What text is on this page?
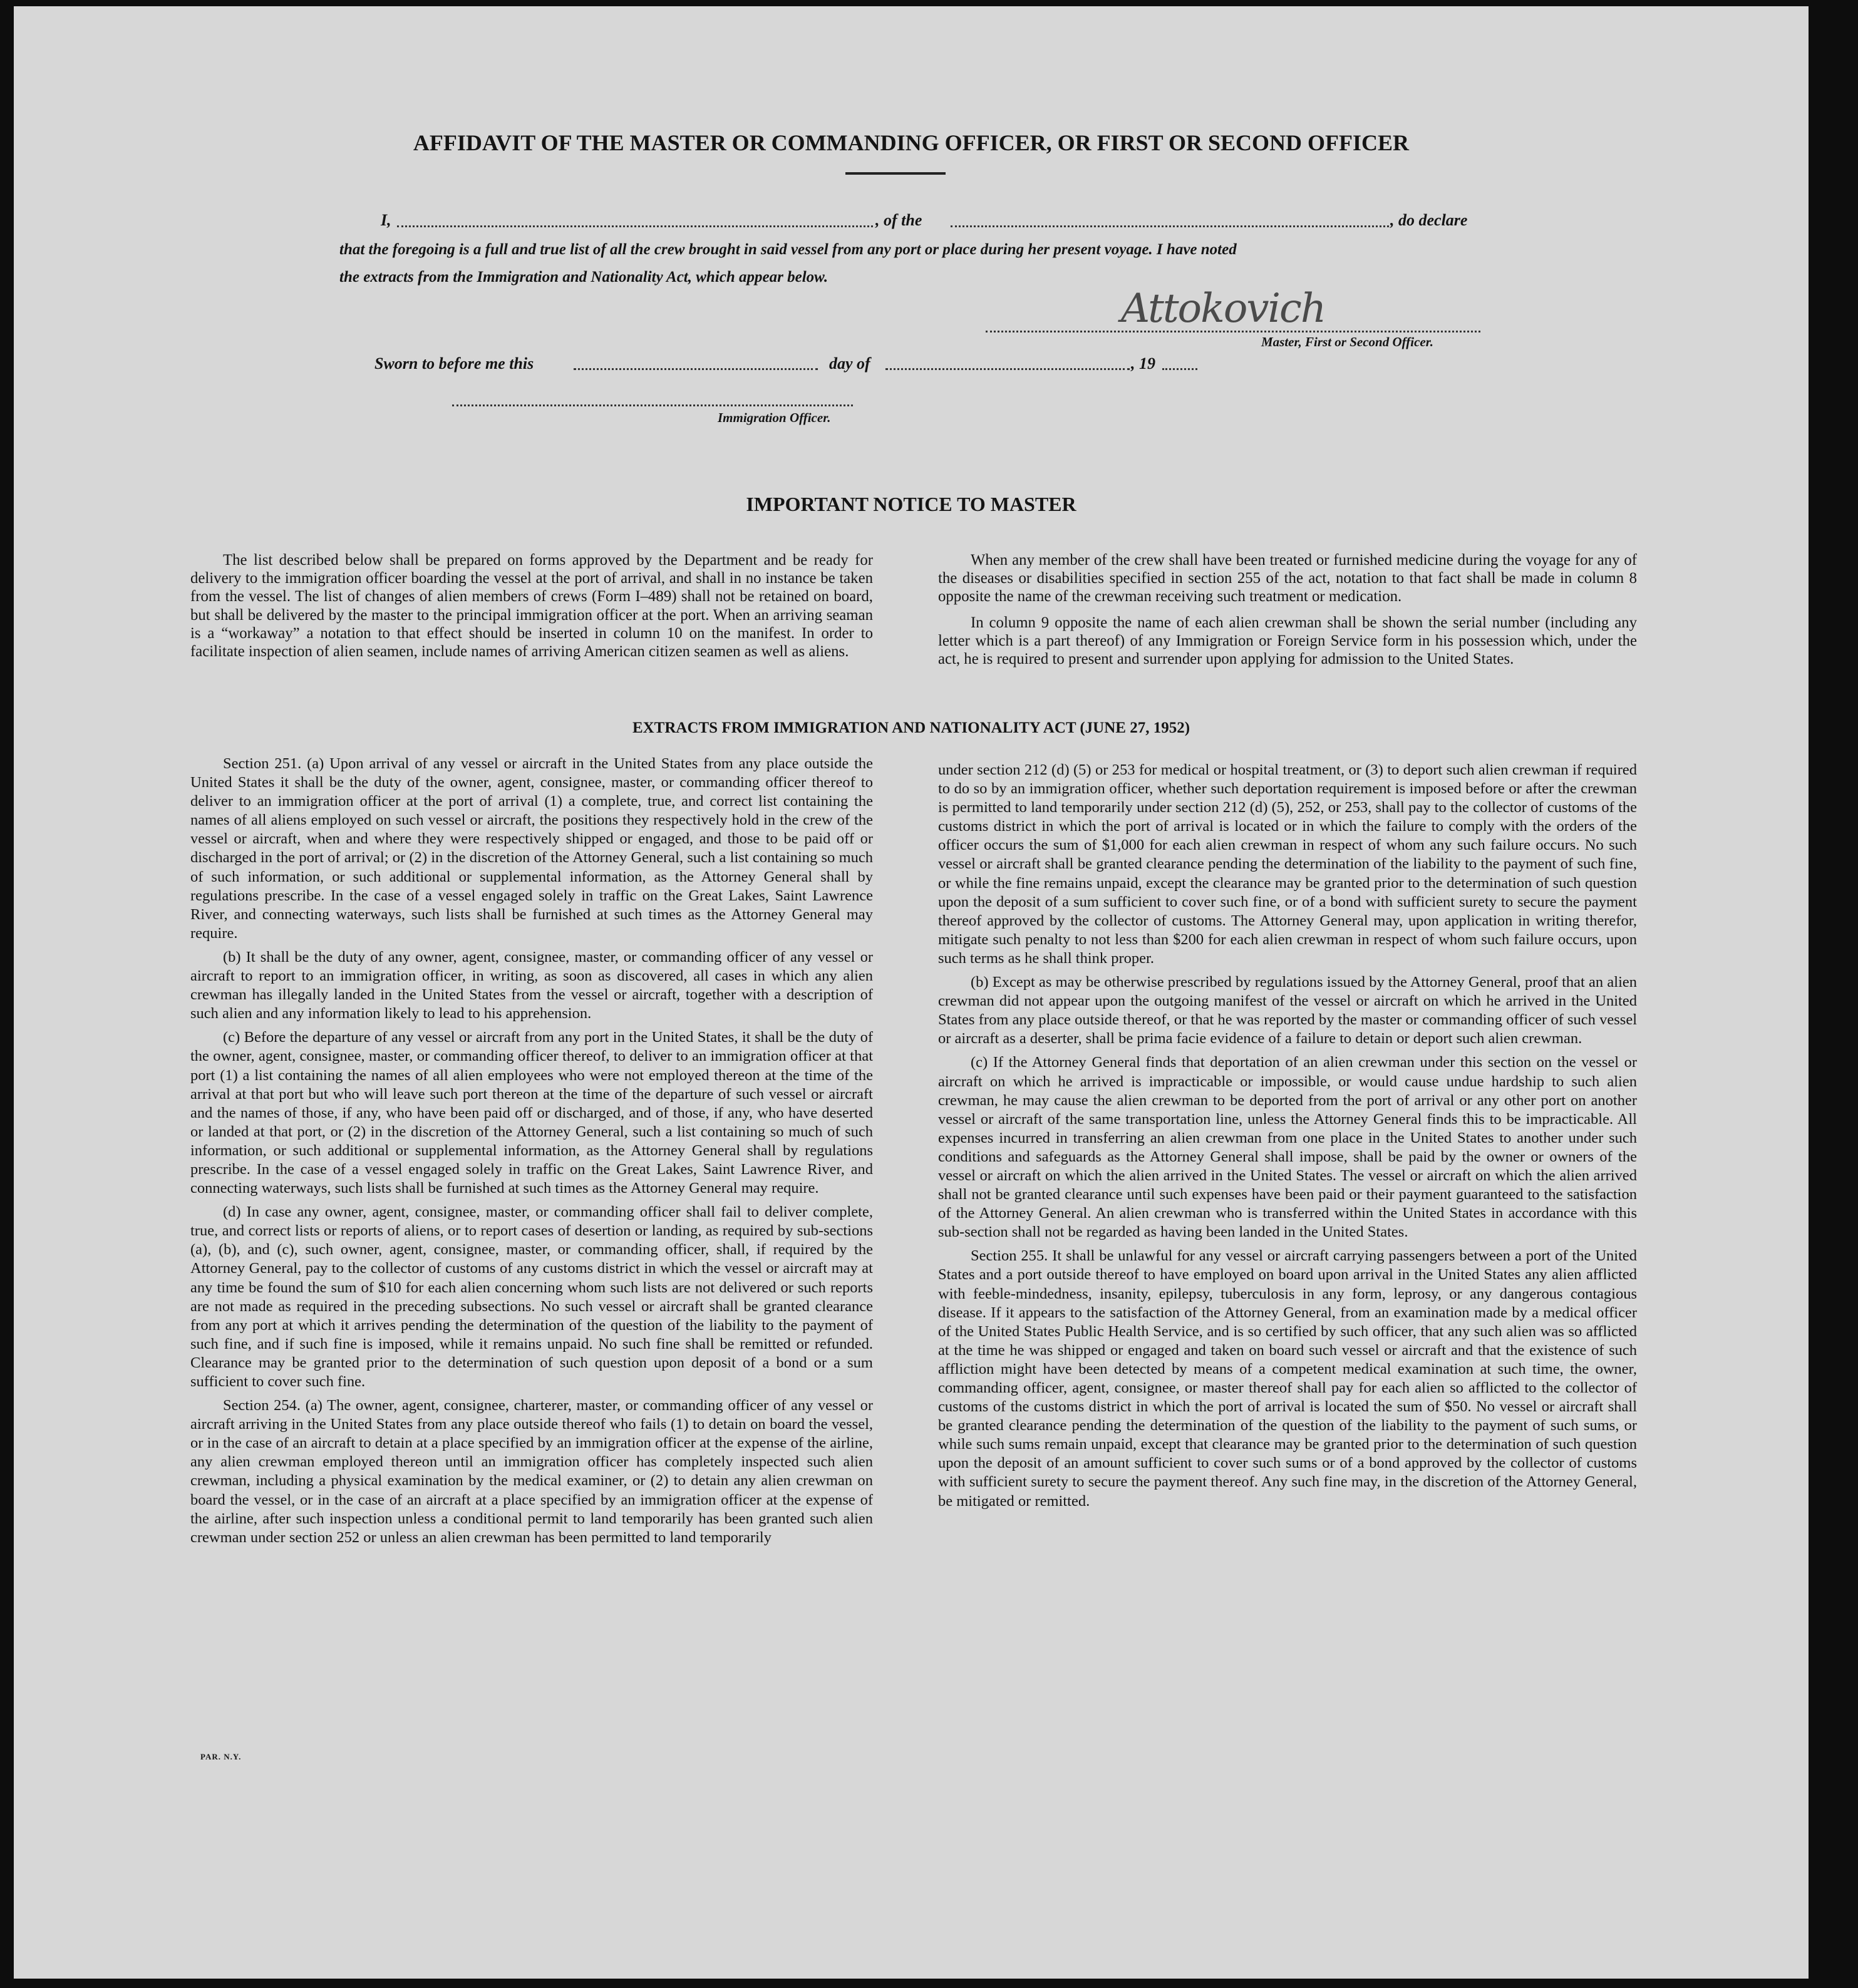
AFFIDAVIT OF THE MASTER OR COMMANDING OFFICER, OR FIRST OR SECOND OFFICER
I,	, of the	, do declare
that the foregoing is a full and true list of all the crew brought in said vessel from any port or place during her present voyage. I have noted
the extracts from the Immigration and Nationality Act, which appear below.
Attokovich
Master, First or Second Officer.
Sworn to before me this	day of	, 19
Immigration Officer.
IMPORTANT NOTICE TO MASTER

The list described below shall be prepared on forms approved by the Department and be ready for delivery to the immigration officer boarding the vessel at the port of arrival, and shall in no instance be taken from the vessel. The list of changes of alien members of crews (Form I–489) shall not be retained on board, but shall be delivered by the master to the principal immigration officer at the port. When an arriving seaman is a “workaway” a notation to that effect should be inserted in column 10 on the manifest. In order to facilitate inspection of alien seamen, include names of arriving American citizen seamen as well as aliens.

When any member of the crew shall have been treated or furnished medicine during the voyage for any of the diseases or disabilities specified in section 255 of the act, notation to that fact shall be made in column 8 opposite the name of the crewman receiving such treatment or medication.

In column 9 opposite the name of each alien crewman shall be shown the serial number (including any letter which is a part thereof) of any Immigration or Foreign Service form in his possession which, under the act, he is required to present and surrender upon applying for admission to the United States.

EXTRACTS FROM IMMIGRATION AND NATIONALITY ACT (JUNE 27, 1952)

Section 251. (a) Upon arrival of any vessel or aircraft in the United States from any place outside the United States it shall be the duty of the owner, agent, consignee, master, or commanding officer thereof to deliver to an immigration officer at the port of arrival (1) a complete, true, and correct list containing the names of all aliens employed on such vessel or aircraft, the positions they respectively hold in the crew of the vessel or aircraft, when and where they were respectively shipped or engaged, and those to be paid off or discharged in the port of arrival; or (2) in the discretion of the Attorney General, such a list containing so much of such information, or such additional or supplemental information, as the Attorney General shall by regulations prescribe. In the case of a vessel engaged solely in traffic on the Great Lakes, Saint Lawrence River, and connecting waterways, such lists shall be furnished at such times as the Attorney General may require.

(b) It shall be the duty of any owner, agent, consignee, master, or commanding officer of any vessel or aircraft to report to an immigration officer, in writing, as soon as discovered, all cases in which any alien crewman has illegally landed in the United States from the vessel or aircraft, together with a description of such alien and any information likely to lead to his apprehension.

(c) Before the departure of any vessel or aircraft from any port in the United States, it shall be the duty of the owner, agent, consignee, master, or commanding officer thereof, to deliver to an immigration officer at that port (1) a list containing the names of all alien employees who were not employed thereon at the time of the arrival at that port but who will leave such port thereon at the time of the departure of such vessel or aircraft and the names of those, if any, who have been paid off or discharged, and of those, if any, who have deserted or landed at that port, or (2) in the discretion of the Attorney General, such a list containing so much of such information, or such additional or supplemental information, as the Attorney General shall by regulations prescribe. In the case of a vessel engaged solely in traffic on the Great Lakes, Saint Lawrence River, and connecting waterways, such lists shall be furnished at such times as the Attorney General may require.

(d) In case any owner, agent, consignee, master, or commanding officer shall fail to deliver complete, true, and correct lists or reports of aliens, or to report cases of desertion or landing, as required by sub-sections (a), (b), and (c), such owner, agent, consignee, master, or commanding officer, shall, if required by the Attorney General, pay to the collector of customs of any customs district in which the vessel or aircraft may at any time be found the sum of $10 for each alien concerning whom such lists are not delivered or such reports are not made as required in the preceding subsections. No such vessel or aircraft shall be granted clearance from any port at which it arrives pending the determination of the question of the liability to the payment of such fine, and if such fine is imposed, while it remains unpaid. No such fine shall be remitted or refunded. Clearance may be granted prior to the determination of such question upon deposit of a bond or a sum sufficient to cover such fine.

Section 254. (a) The owner, agent, consignee, charterer, master, or commanding officer of any vessel or aircraft arriving in the United States from any place outside thereof who fails (1) to detain on board the vessel, or in the case of an aircraft to detain at a place specified by an immigration officer at the expense of the airline, any alien crewman employed thereon until an immigration officer has completely inspected such alien crewman, including a physical examination by the medical examiner, or (2) to detain any alien crewman on board the vessel, or in the case of an aircraft at a place specified by an immigration officer at the expense of the airline, after such inspection unless a conditional permit to land temporarily has been granted such alien crewman under section 252 or unless an alien crewman has been permitted to land temporarily

under section 212 (d) (5) or 253 for medical or hospital treatment, or (3) to deport such alien crewman if required to do so by an immigration officer, whether such deportation requirement is imposed before or after the crewman is permitted to land temporarily under section 212 (d) (5), 252, or 253, shall pay to the collector of customs of the customs district in which the port of arrival is located or in which the failure to comply with the orders of the officer occurs the sum of $1,000 for each alien crewman in respect of whom any such failure occurs. No such vessel or aircraft shall be granted clearance pending the determination of the liability to the payment of such fine, or while the fine remains unpaid, except the clearance may be granted prior to the determination of such question upon the deposit of a sum sufficient to cover such fine, or of a bond with sufficient surety to secure the payment thereof approved by the collector of customs. The Attorney General may, upon application in writing therefor, mitigate such penalty to not less than $200 for each alien crewman in respect of whom such failure occurs, upon such terms as he shall think proper.

(b) Except as may be otherwise prescribed by regulations issued by the Attorney General, proof that an alien crewman did not appear upon the outgoing manifest of the vessel or aircraft on which he arrived in the United States from any place outside thereof, or that he was reported by the master or commanding officer of such vessel or aircraft as a deserter, shall be prima facie evidence of a failure to detain or deport such alien crewman.

(c) If the Attorney General finds that deportation of an alien crewman under this section on the vessel or aircraft on which he arrived is impracticable or impossible, or would cause undue hardship to such alien crewman, he may cause the alien crewman to be deported from the port of arrival or any other port on another vessel or aircraft of the same transportation line, unless the Attorney General finds this to be impracticable. All expenses incurred in transferring an alien crewman from one place in the United States to another under such conditions and safeguards as the Attorney General shall impose, shall be paid by the owner or owners of the vessel or aircraft on which the alien arrived in the United States. The vessel or aircraft on which the alien arrived shall not be granted clearance until such expenses have been paid or their payment guaranteed to the satisfaction of the Attorney General. An alien crewman who is transferred within the United States in accordance with this sub-section shall not be regarded as having been landed in the United States.

Section 255. It shall be unlawful for any vessel or aircraft carrying passengers between a port of the United States and a port outside thereof to have employed on board upon arrival in the United States any alien afflicted with feeble-mindedness, insanity, epilepsy, tuberculosis in any form, leprosy, or any dangerous contagious disease. If it appears to the satisfaction of the Attorney General, from an examination made by a medical officer of the United States Public Health Service, and is so certified by such officer, that any such alien was so afflicted at the time he was shipped or engaged and taken on board such vessel or aircraft and that the existence of such affliction might have been detected by means of a competent medical examination at such time, the owner, commanding officer, agent, consignee, or master thereof shall pay for each alien so afflicted to the collector of customs of the customs district in which the port of arrival is located the sum of $50. No vessel or aircraft shall be granted clearance pending the determination of the question of the liability to the payment of such sums, or while such sums remain unpaid, except that clearance may be granted prior to the determination of such question upon the deposit of an amount sufficient to cover such sums or of a bond approved by the collector of customs with sufficient surety to secure the payment thereof. Any such fine may, in the discretion of the Attorney General, be mitigated or remitted.

PAR. N.Y.
